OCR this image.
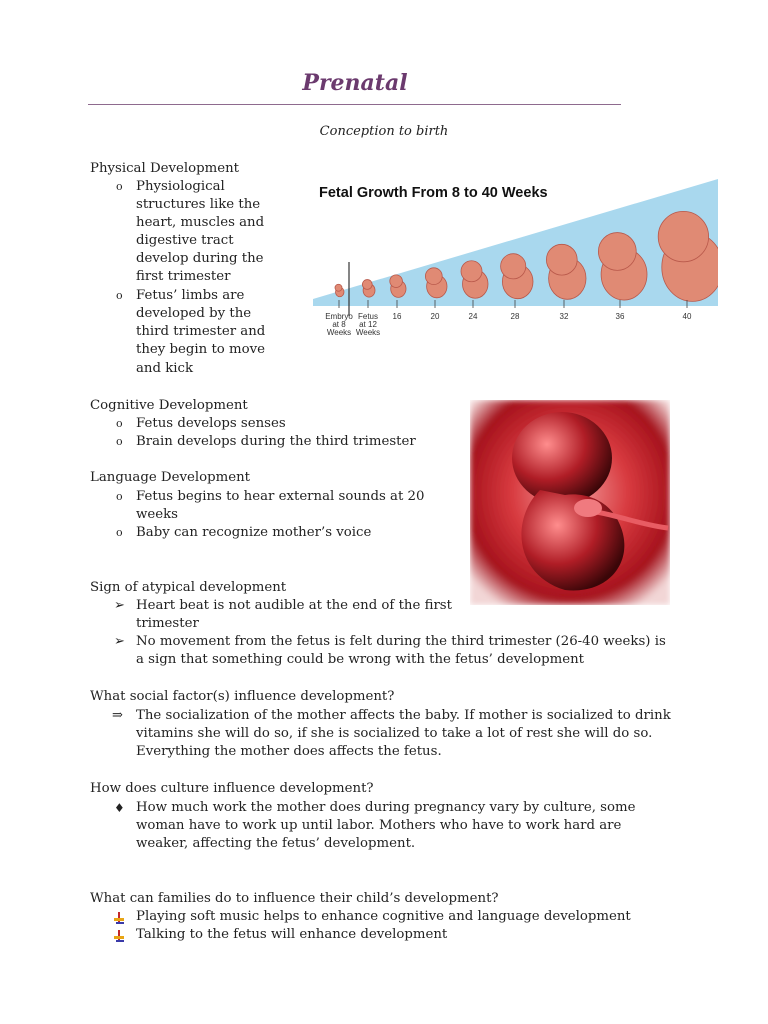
Prenatal
Conception to birth
Physical Development
o Physiological
structures like the
heart, muscles and
digestive tract
develop during the
first trimester
o Fetus’ limbs are
developed by the
third trimester and
they begin to move
and kick
Fetal Growth From 8 to 40 Weeks
Embryo at 8 Weeks
Fetus at 12 Weeks
16	20	24	28	32	36	40
Cognitive Development
o Fetus develops senses
o Brain develops during the third trimester
Language Development
o Fetus begins to hear external sounds at 20
weeks
o Baby can recognize mother’s voice
Sign of atypical development
➢ Heart beat is not audible at the end of the first
trimester
➢ No movement from the fetus is felt during the third trimester (26-40 weeks) is
a sign that something could be wrong with the fetus’ development
What social factor(s) influence development?
⇒ The socialization of the mother affects the baby. If mother is socialized to drink
vitamins she will do so, if she is socialized to take a lot of rest she will do so.
Everything the mother does affects the fetus.
How does culture influence development?
♦ How much work the mother does during pregnancy vary by culture, some
woman have to work up until labor. Mothers who have to work hard are
weaker, affecting the fetus’ development.
What can families do to influence their child’s development?
Playing soft music helps to enhance cognitive and language development
Talking to the fetus will enhance development
